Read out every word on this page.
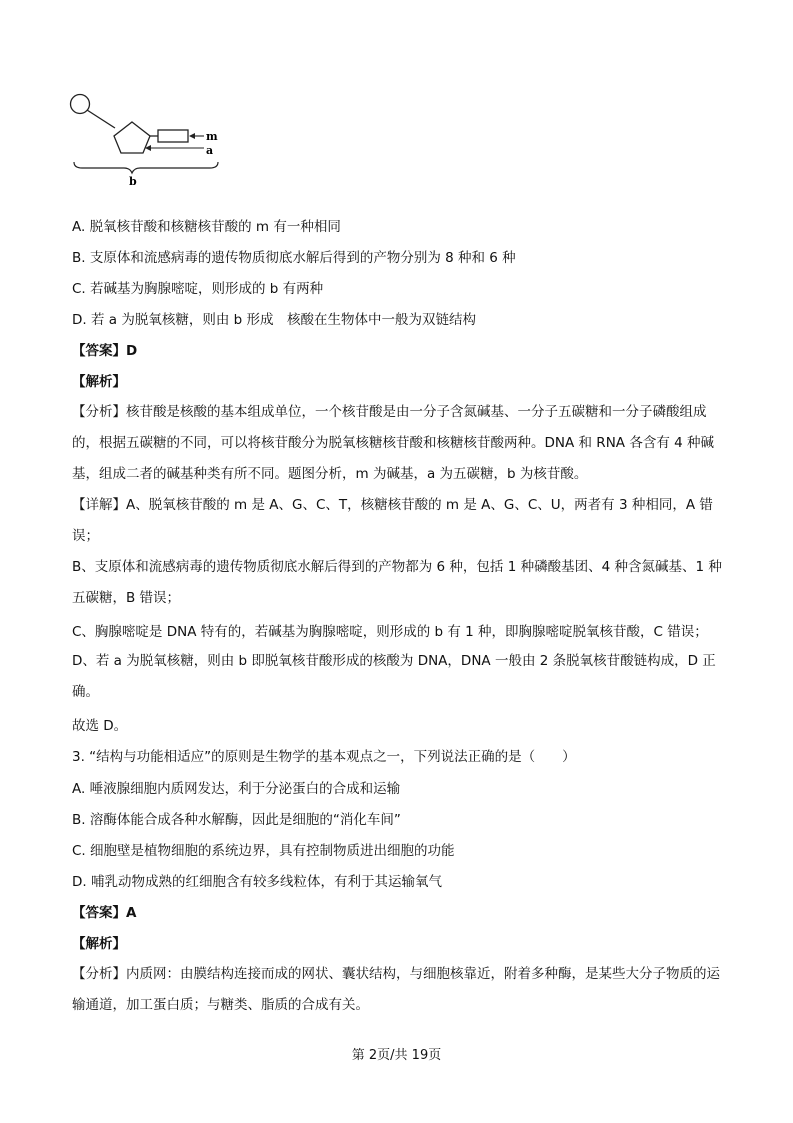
m
a
b
A. 脱氧核苷酸和核糖核苷酸的 m 有一种相同
B. 支原体和流感病毒的遗传物质彻底水解后得到的产物分别为 8 种和 6 种
C. 若碱基为胸腺嘧啶，则形成的 b 有两种
D. 若 a 为脱氧核糖，则由 b 形成　核酸在生物体中一般为双链结构
【答案】D
【解析】
【分析】核苷酸是核酸的基本组成单位，一个核苷酸是由一分子含氮碱基、一分子五碳糖和一分子磷酸组成的，根据五碳糖的不同，可以将核苷酸分为脱氧核糖核苷酸和核糖核苷酸两种。DNA 和 RNA 各含有 4 种碱基，组成二者的碱基种类有所不同。题图分析，m 为碱基，a 为五碳糖，b 为核苷酸。
【详解】A、脱氧核苷酸的 m 是 A、G、C、T，核糖核苷酸的 m 是 A、G、C、U，两者有 3 种相同，A 错误；
B、支原体和流感病毒的遗传物质彻底水解后得到的产物都为 6 种，包括 1 种磷酸基团、4 种含氮碱基、1 种五碳糖，B 错误；
C、胸腺嘧啶是 DNA 特有的，若碱基为胸腺嘧啶，则形成的 b 有 1 种，即胸腺嘧啶脱氧核苷酸，C 错误；
D、若 a 为脱氧核糖，则由 b 即脱氧核苷酸形成的核酸为 DNA，DNA 一般由 2 条脱氧核苷酸链构成，D 正确。
故选 D。
3. “结构与功能相适应”的原则是生物学的基本观点之一，下列说法正确的是（　　）
A. 唾液腺细胞内质网发达，利于分泌蛋白的合成和运输
B. 溶酶体能合成各种水解酶，因此是细胞的“消化车间”
C. 细胞壁是植物细胞的系统边界，具有控制物质进出细胞的功能
D. 哺乳动物成熟的红细胞含有较多线粒体，有利于其运输氧气
【答案】A
【解析】
【分析】内质网：由膜结构连接而成的网状、囊状结构，与细胞核靠近，附着多种酶，是某些大分子物质的运输通道，加工蛋白质；与糖类、脂质的合成有关。
第 2页/共 19页
